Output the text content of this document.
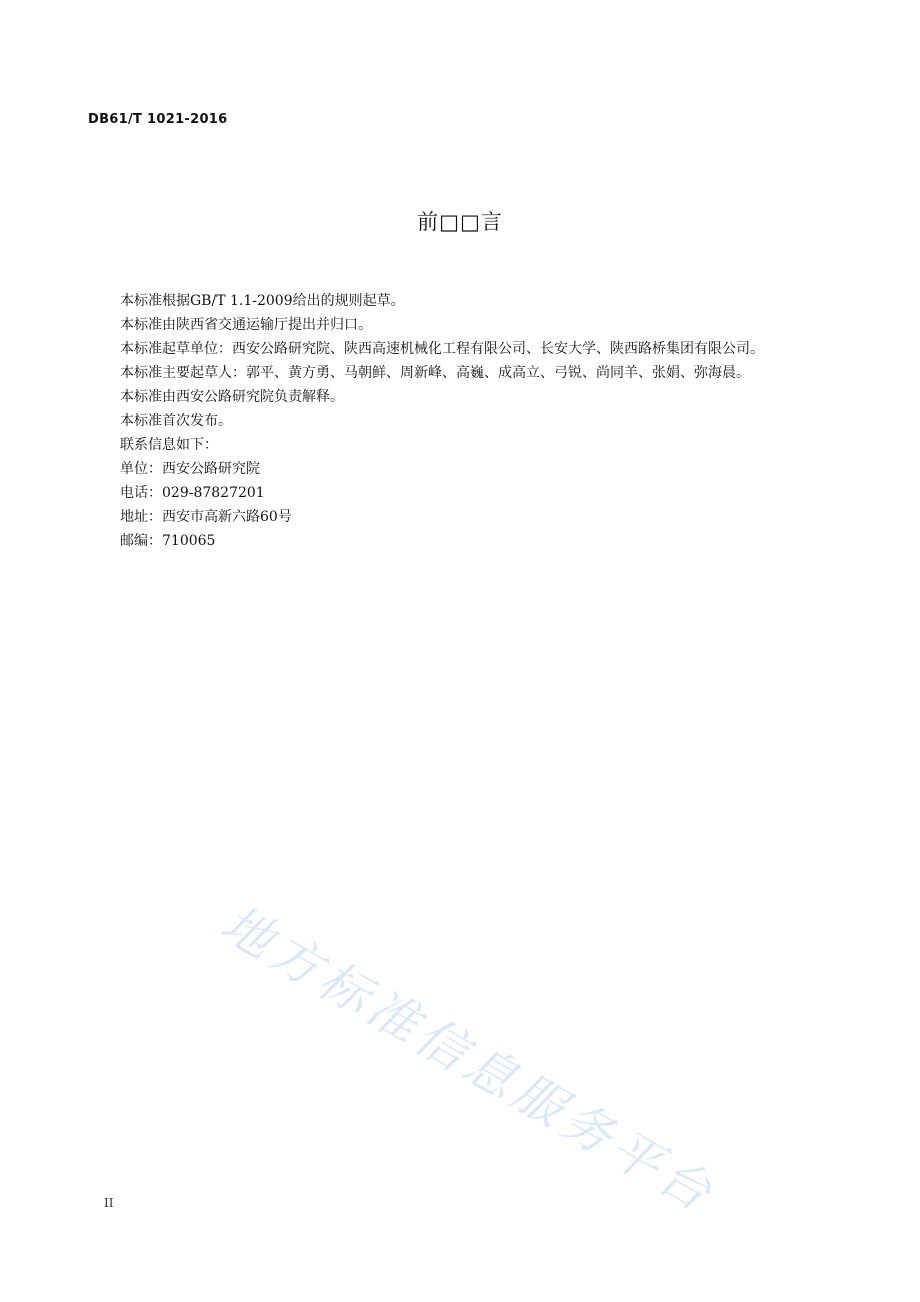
DB61/T 1021-2016
前□□言

本标准根据GB/T 1.1-2009给出的规则起草。

本标准由陕西省交通运输厅提出并归口。

本标准起草单位：西安公路研究院、陕西高速机械化工程有限公司、长安大学、陕西路桥集团有限公司。

本标准主要起草人：郭平、黄方勇、马朝鲜、周新峰、高巍、成高立、弓锐、尚同羊、张娟、弥海晨。

本标准由西安公路研究院负责解释。

本标准首次发布。

联系信息如下：

单位：西安公路研究院

电话：029-87827201

地址：西安市高新六路60号

邮编：710065

地方标准信息服务平台
II
